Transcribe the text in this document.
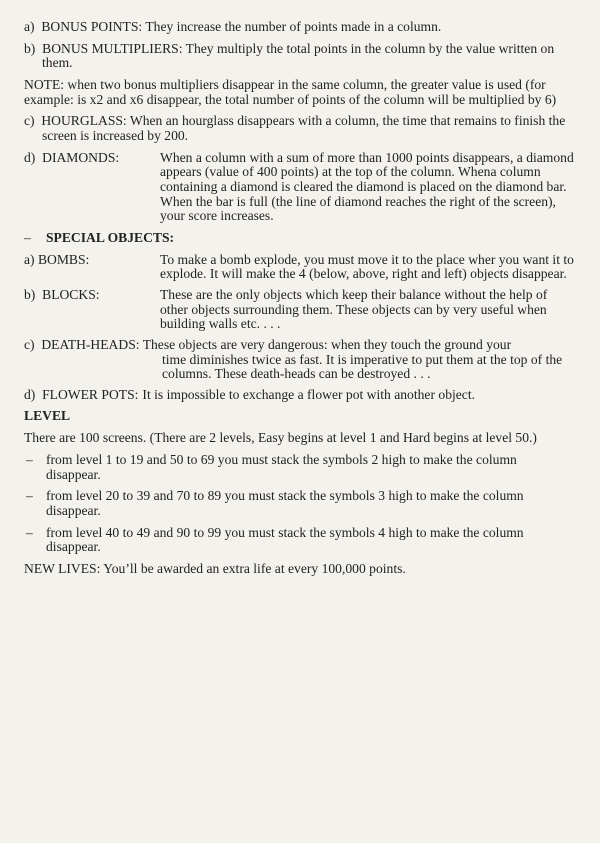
a)  BONUS POINTS: They increase the number of points made in a column.

b)  BONUS MULTIPLIERS: They multiply the total points in the column by the value written on them.

NOTE: when two bonus multipliers disappear in the same column, the greater value is used (for example: is x2 and x6 disappear, the total number of points of the column will be multiplied by 6)

c)  HOURGLASS: When an hourglass disappears with a column, the time that remains to finish the screen is increased by 200.

d)  DIAMONDS:	When a column with a sum of more than 1000 points disappears, a diamond appears (value of 400 points) at the top of the column. Whena column containing a diamond is cleared the diamond is placed on the diamond bar. When the bar is full (the line of diamond reaches the right of the screen), your score increases.
– SPECIAL OBJECTS:
a) BOMBS:	To make a bomb explode, you must move it to the place wher you want it to explode. It will make the 4 (below, above, right and left) objects disappear.
b)  BLOCKS:	These are the only objects which keep their balance without the help of other objects surrounding them. These objects can by very useful when building walls etc. . . .
c)  DEATH-HEADS: These objects are very dangerous: when they touch the ground your
time diminishes twice as fast. It is imperative to put them at the top of the columns. These death-heads can be destroyed . . .
d)  FLOWER POTS: It is impossible to exchange a flower pot with another object.
LEVEL

There are 100 screens. (There are 2 levels, Easy begins at level 1 and Hard begins at level 50.)

– from level 1 to 19 and 50 to 69 you must stack the symbols 2 high to make the column disappear.
– from level 20 to 39 and 70 to 89 you must stack the symbols 3 high to make the column disappear.
– from level 40 to 49 and 90 to 99 you must stack the symbols 4 high to make the column disappear.

NEW LIVES: You’ll be awarded an extra life at every 100,000 points.
